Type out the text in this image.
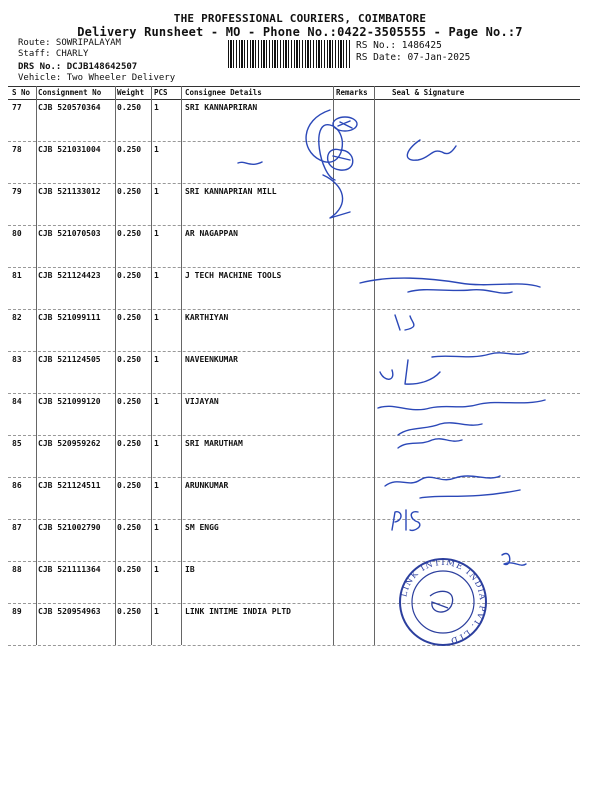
THE PROFESSIONAL COURIERS, COIMBATORE
Delivery Runsheet - MO - Phone No.:0422-3505555 - Page No.:7
Route: SOWRIPALAYAM
Staff: CHARLY
DRS No.: DCJB148642507
Vehicle: Two Wheeler Delivery
RS No.: 1486425
RS Date: 07-Jan-2025
S No	Consignment No	Weight	PCS	Consignee Details	Remarks	Seal & Signature
77	CJB 520570364	0.250	1	SRI KANNAPRIRAN
78	CJB 521031004	0.250	1
79	CJB 521133012	0.250	1	SRI KANNAPRIAN MILL
80	CJB 521070503	0.250	1	AR NAGAPPAN
81	CJB 521124423	0.250	1	J TECH MACHINE TOOLS
82	CJB 521099111	0.250	1	KARTHIYAN
83	CJB 521124505	0.250	1	NAVEENKUMAR
84	CJB 521099120	0.250	1	VIJAYAN
85	CJB 520959262	0.250	1	SRI MARUTHAM
86	CJB 521124511	0.250	1	ARUNKUMAR
87	CJB 521002790	0.250	1	SM ENGG
88	CJB 521111364	0.250	1	IB
89	CJB 520954963	0.250	1	LINK INTIME INDIA PLTD
LINK INTIME INDIA PVT. LTD
